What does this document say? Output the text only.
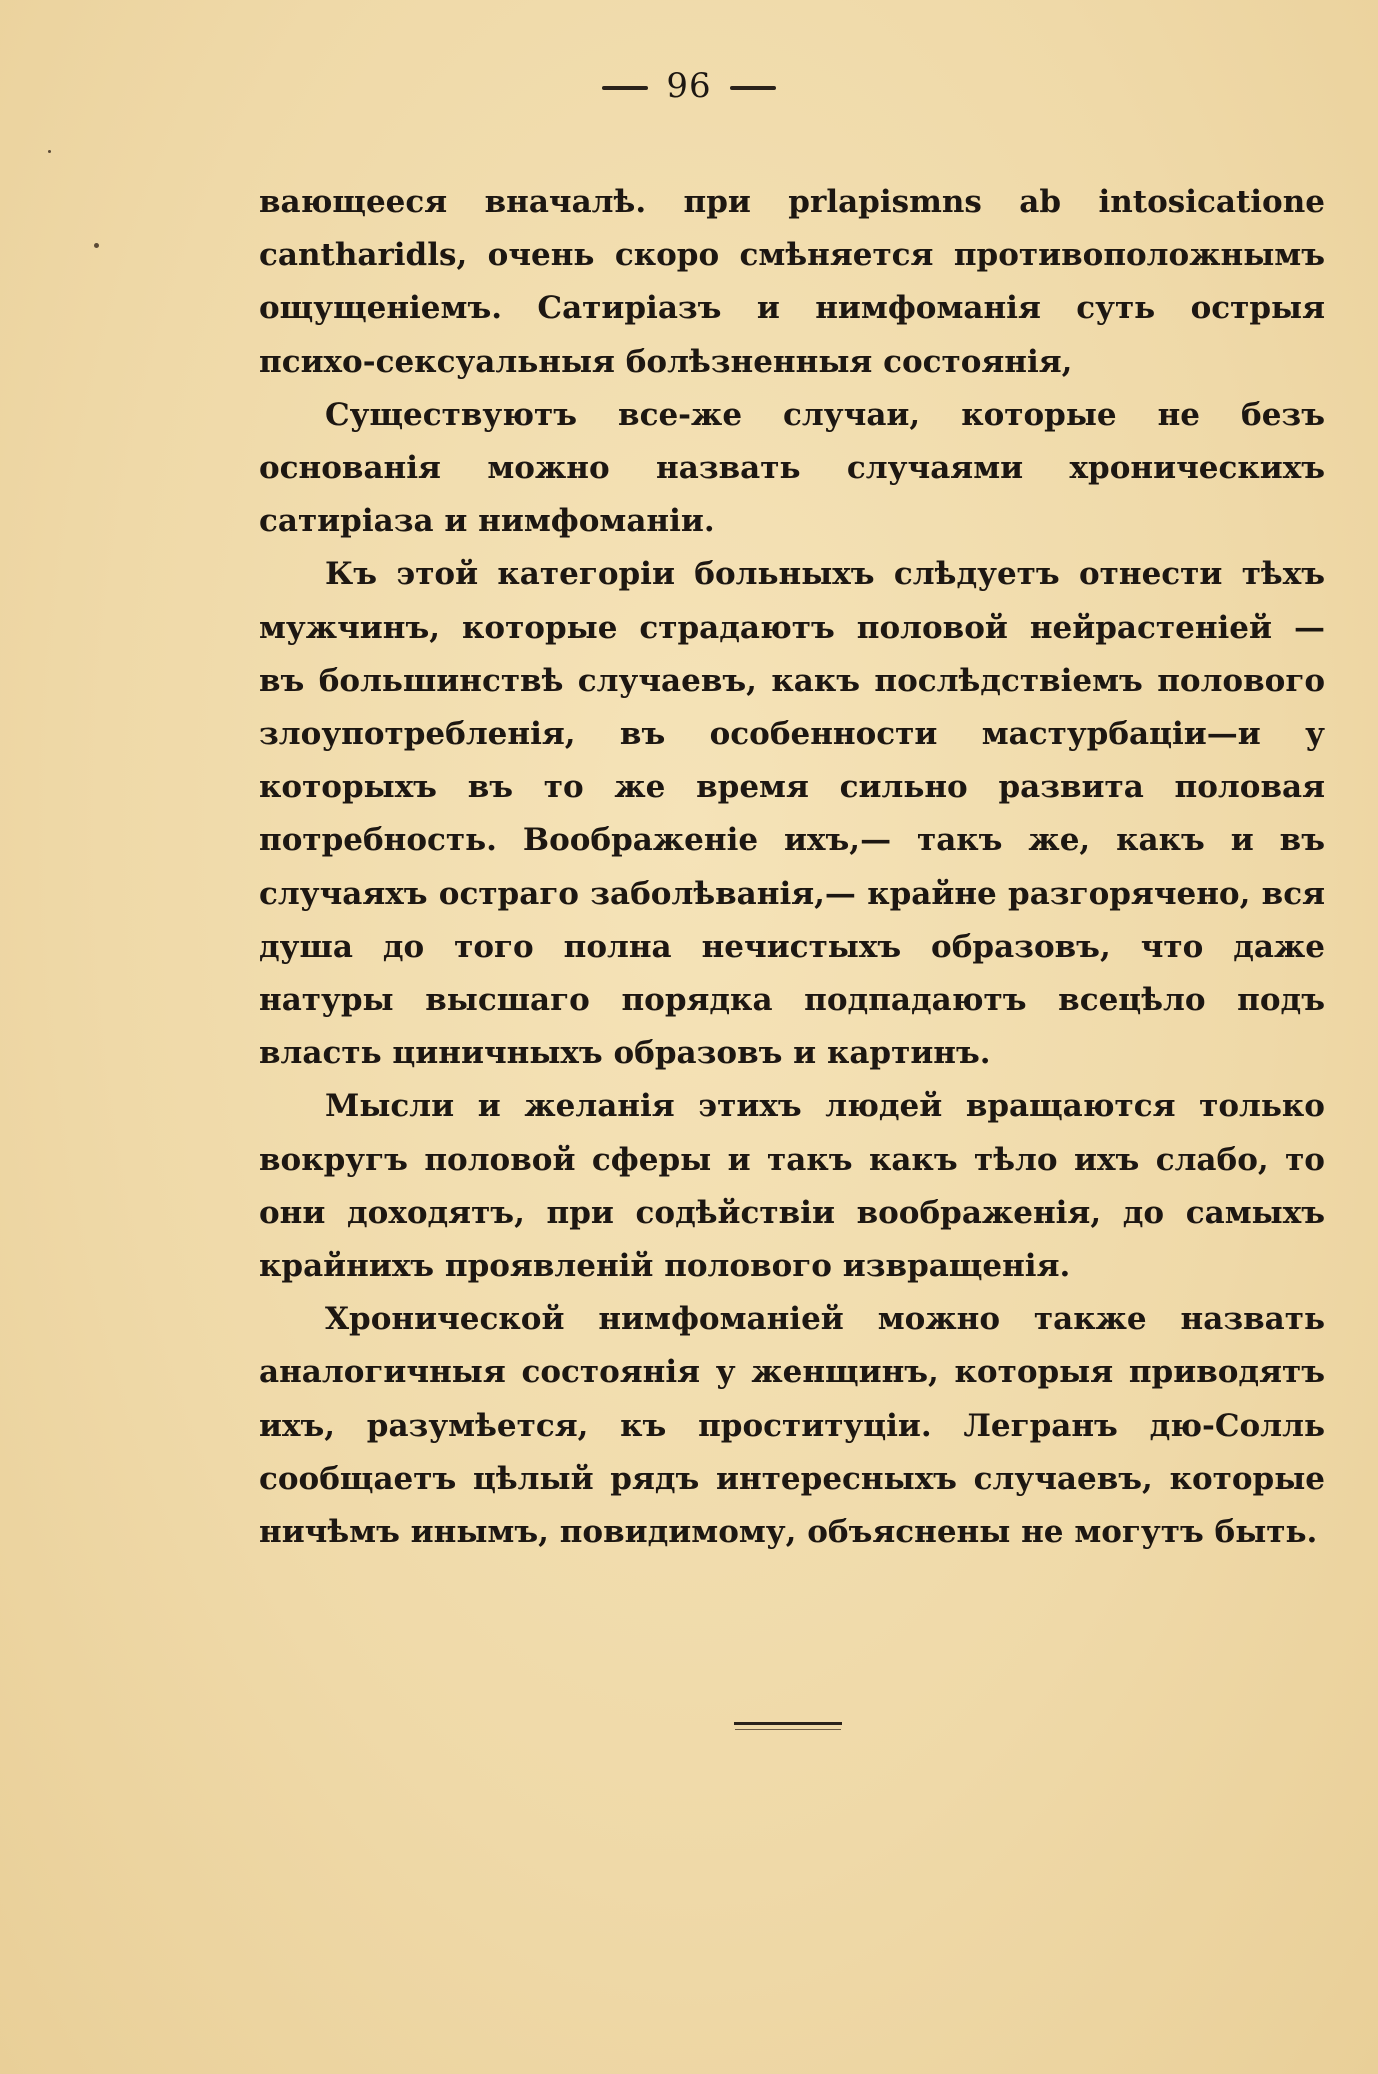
96

вающееся вначалѣ. при prlapismns ab intosicatione cantharidls, очень скоро смѣняется противоположнымъ ощущеніемъ. Сатиріазъ и нимфоманія суть острыя психо-сексуальныя болѣзненныя состоянія,

Существуютъ все-же случаи, которые не безъ основанія можно назвать случаями хроническихъ сатиріаза и нимфоманіи.

Къ этой категоріи больныхъ слѣдуетъ отнести тѣхъ мужчинъ, которые страдаютъ половой нейрастеніей — въ большинствѣ случаевъ, какъ послѣдствіемъ полового злоупотребленія, въ особенности мастурбаціи—и у которыхъ въ то же время сильно развита половая потребность. Воображеніе ихъ,— такъ же, какъ и въ случаяхъ остраго заболѣванія,— крайне разгорячено, вся душа до того полна нечистыхъ образовъ, что даже натуры высшаго порядка подпадаютъ всецѣло подъ власть циничныхъ образовъ и картинъ.

Мысли и желанія этихъ людей вращаются только вокругъ половой сферы и такъ какъ тѣло ихъ слабо, то они доходятъ, при содѣйствіи воображенія, до самыхъ крайнихъ проявленій полового извращенія.

Хронической нимфоманіей можно также назвать аналогичныя состоянія у женщинъ, которыя приводятъ ихъ, разумѣется, къ проституціи. Легранъ дю-Солль сообщаетъ цѣлый рядъ интересныхъ случаевъ, которые ничѣмъ инымъ, повидимому, объяснены не могутъ быть.
